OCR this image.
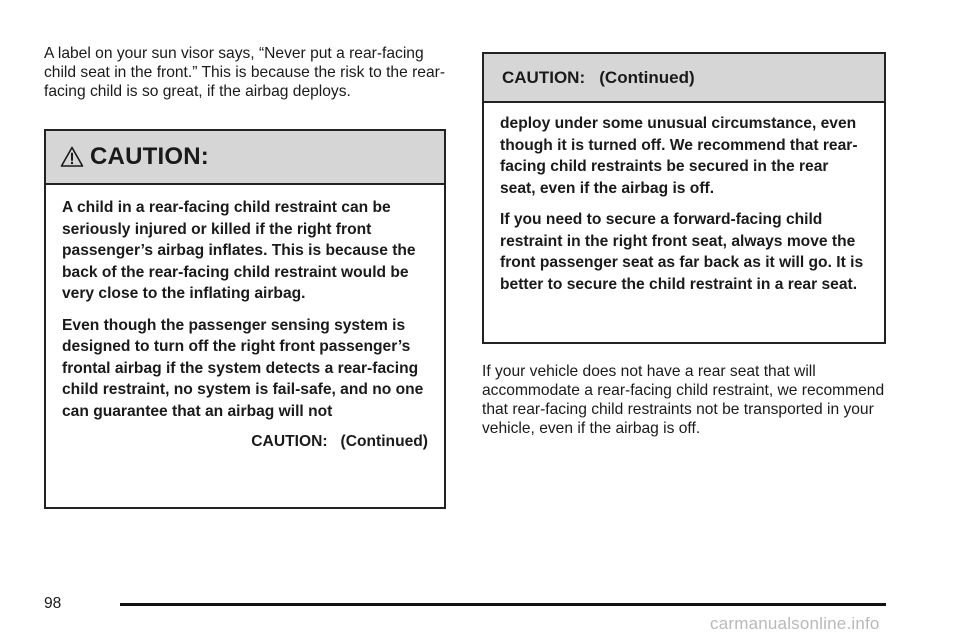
A label on your sun visor says, “Never put a rear-facing child seat in the front.” This is because the risk to the rear-facing child is so great, if the airbag deploys.

CAUTION:

A child in a rear-facing child restraint can be seriously injured or killed if the right front passenger’s airbag inflates. This is because the back of the rear-facing child restraint would be very close to the inflating airbag.

Even though the passenger sensing system is designed to turn off the right front passenger’s frontal airbag if the system detects a rear-facing child restraint, no system is fail-safe, and no one can guarantee that an airbag will not

CAUTION:   (Continued)
CAUTION:   (Continued)

deploy under some unusual circumstance, even though it is turned off. We recommend that rear-facing child restraints be secured in the rear seat, even if the airbag is off.

If you need to secure a forward-facing child restraint in the right front seat, always move the front passenger seat as far back as it will go. It is better to secure the child restraint in a rear seat.

If your vehicle does not have a rear seat that will accommodate a rear-facing child restraint, we recommend that rear-facing child restraints not be transported in your vehicle, even if the airbag is off.

98
carmanualsonline.info
